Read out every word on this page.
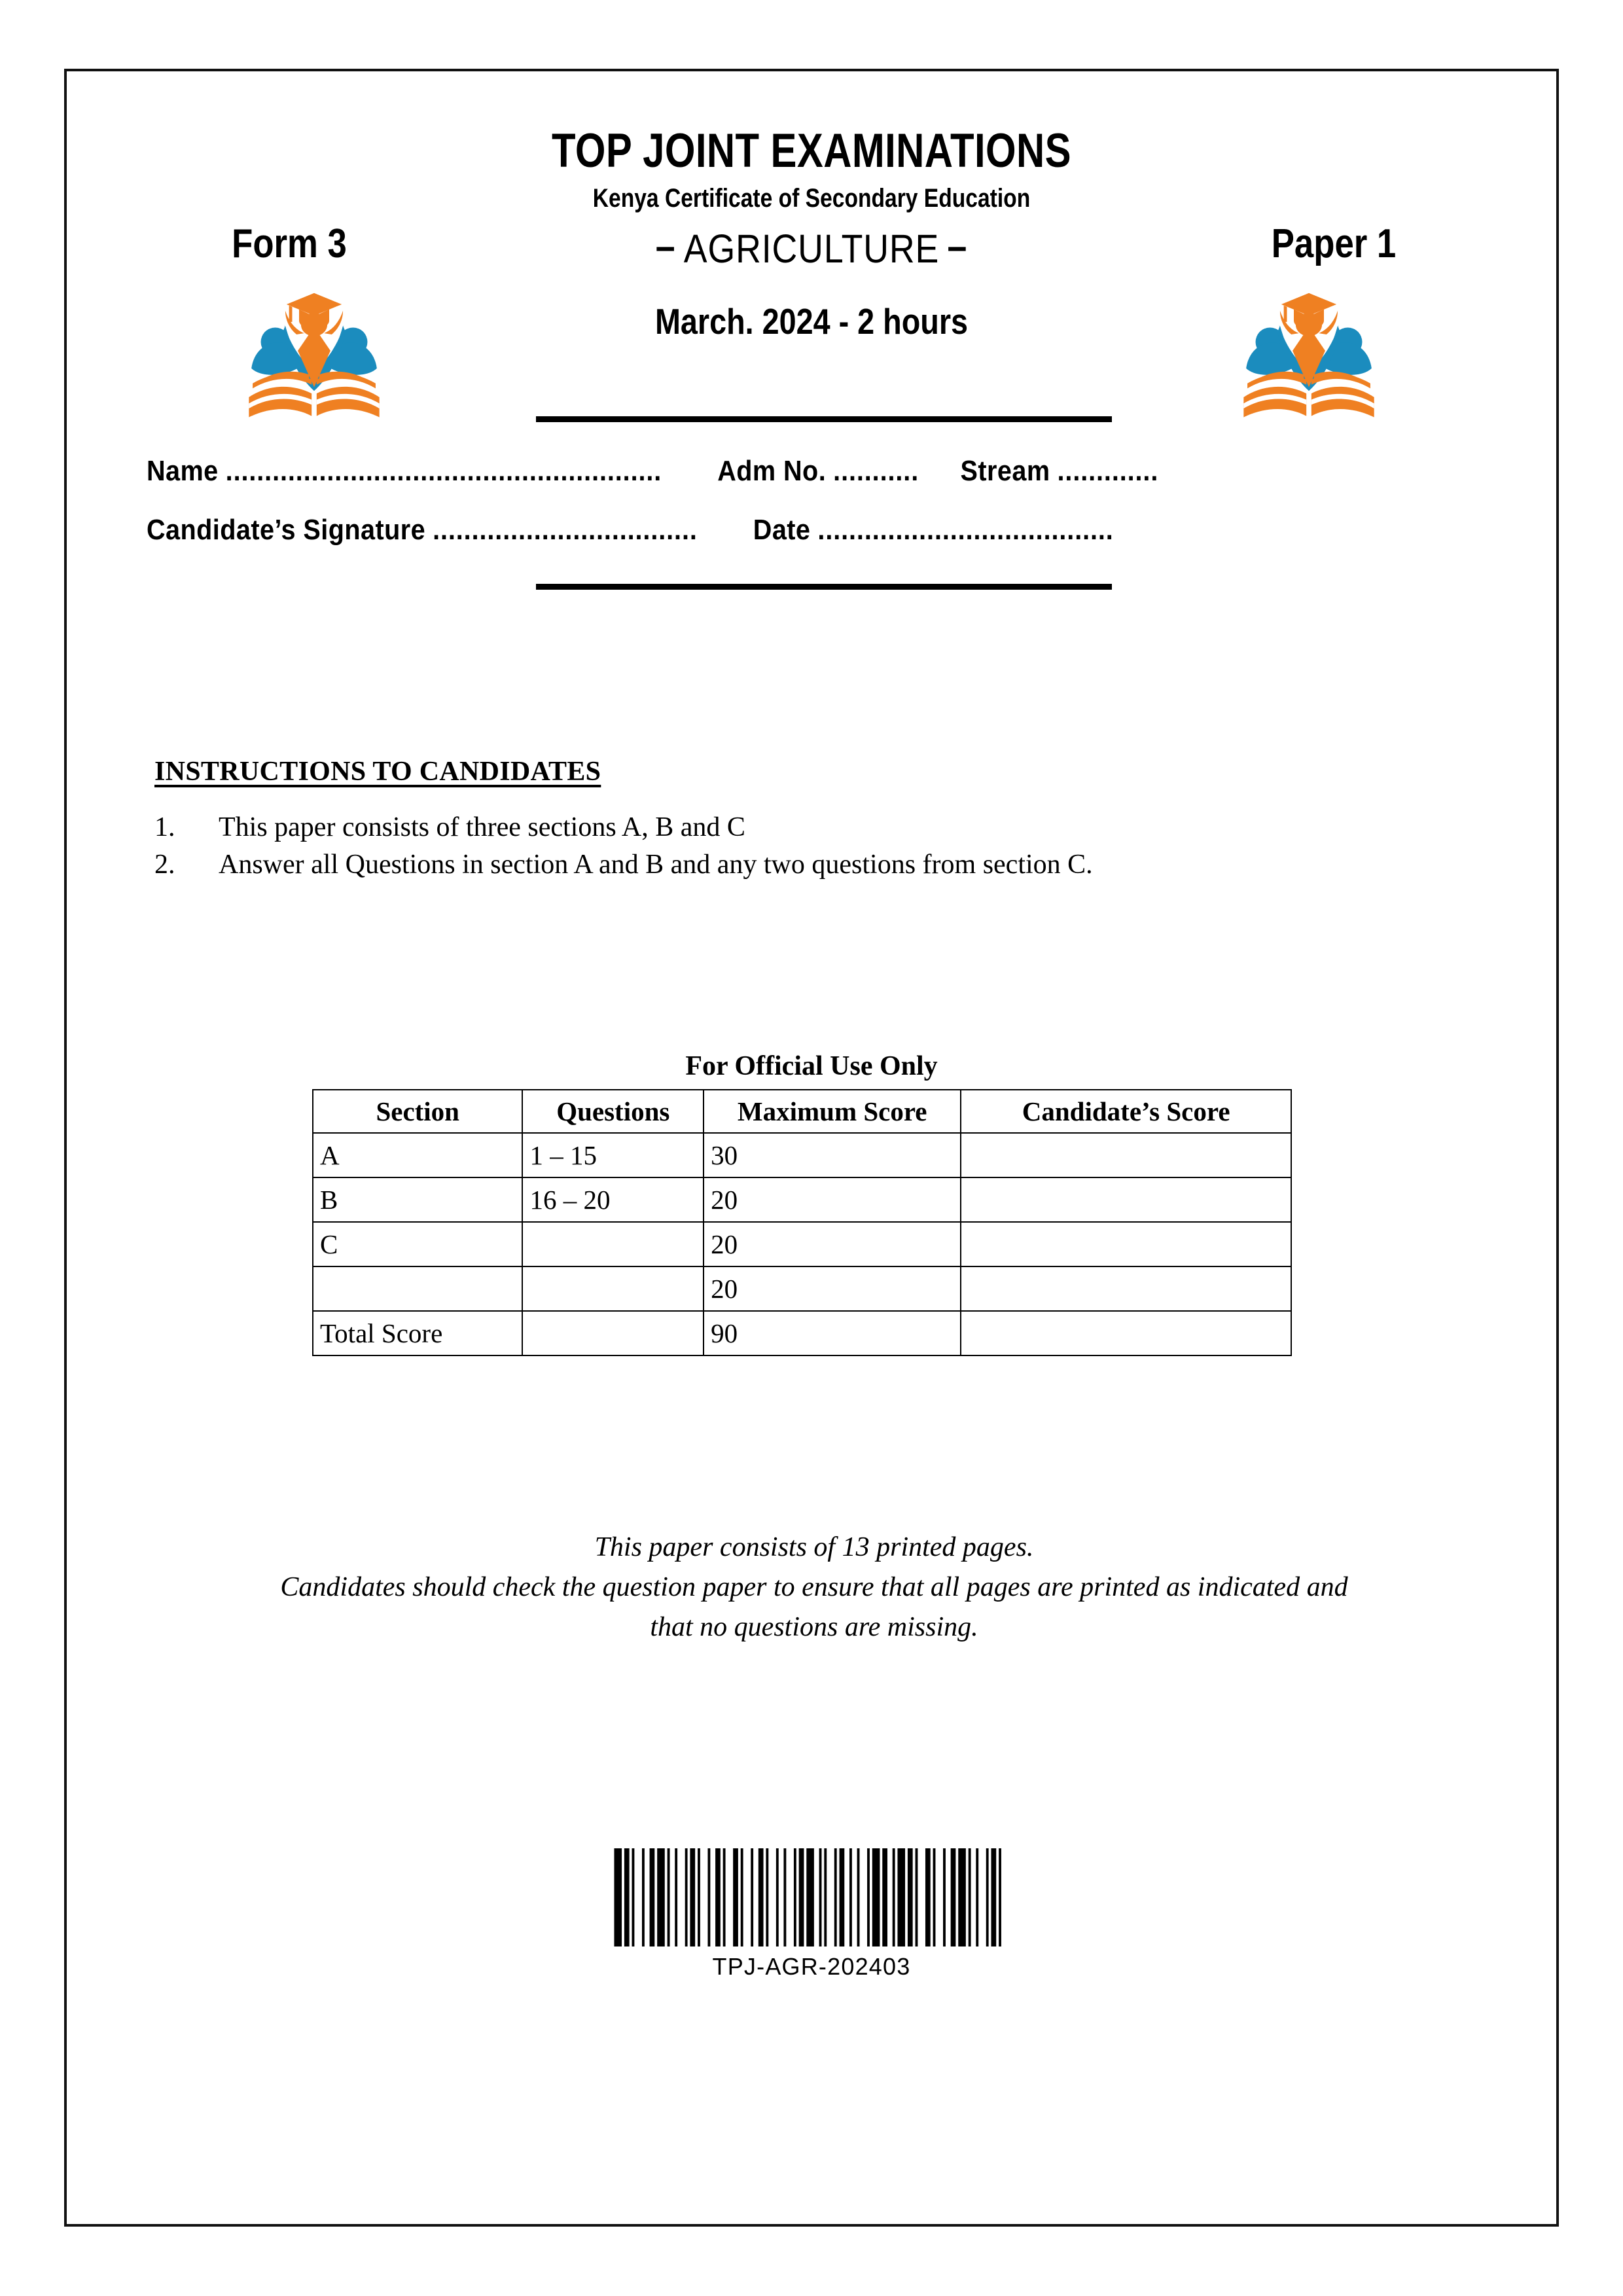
TOP JOINT EXAMINATIONS
Kenya Certificate of Secondary Education
Form 3	Paper 1
– AGRICULTURE –
March. 2024 - 2 hours
Name ........................................................ Adm No. ........... Stream .............
Candidate’s Signature .................................. Date ......................................
INSTRUCTIONS TO CANDIDATES
1.	This paper consists of three sections A, B and C
2.	Answer all Questions in section A and B and any two questions from section C.
For Official Use Only
Section	Questions	Maximum Score	Candidate’s Score
A	1 – 15	30	
B	16 – 20	20	
C		20	
		20	
Total Score		90	
This paper consists of 13 printed pages.
Candidates should check the question paper to ensure that all pages are printed as indicated and
that no questions are missing.
TPJ-AGR-202403
